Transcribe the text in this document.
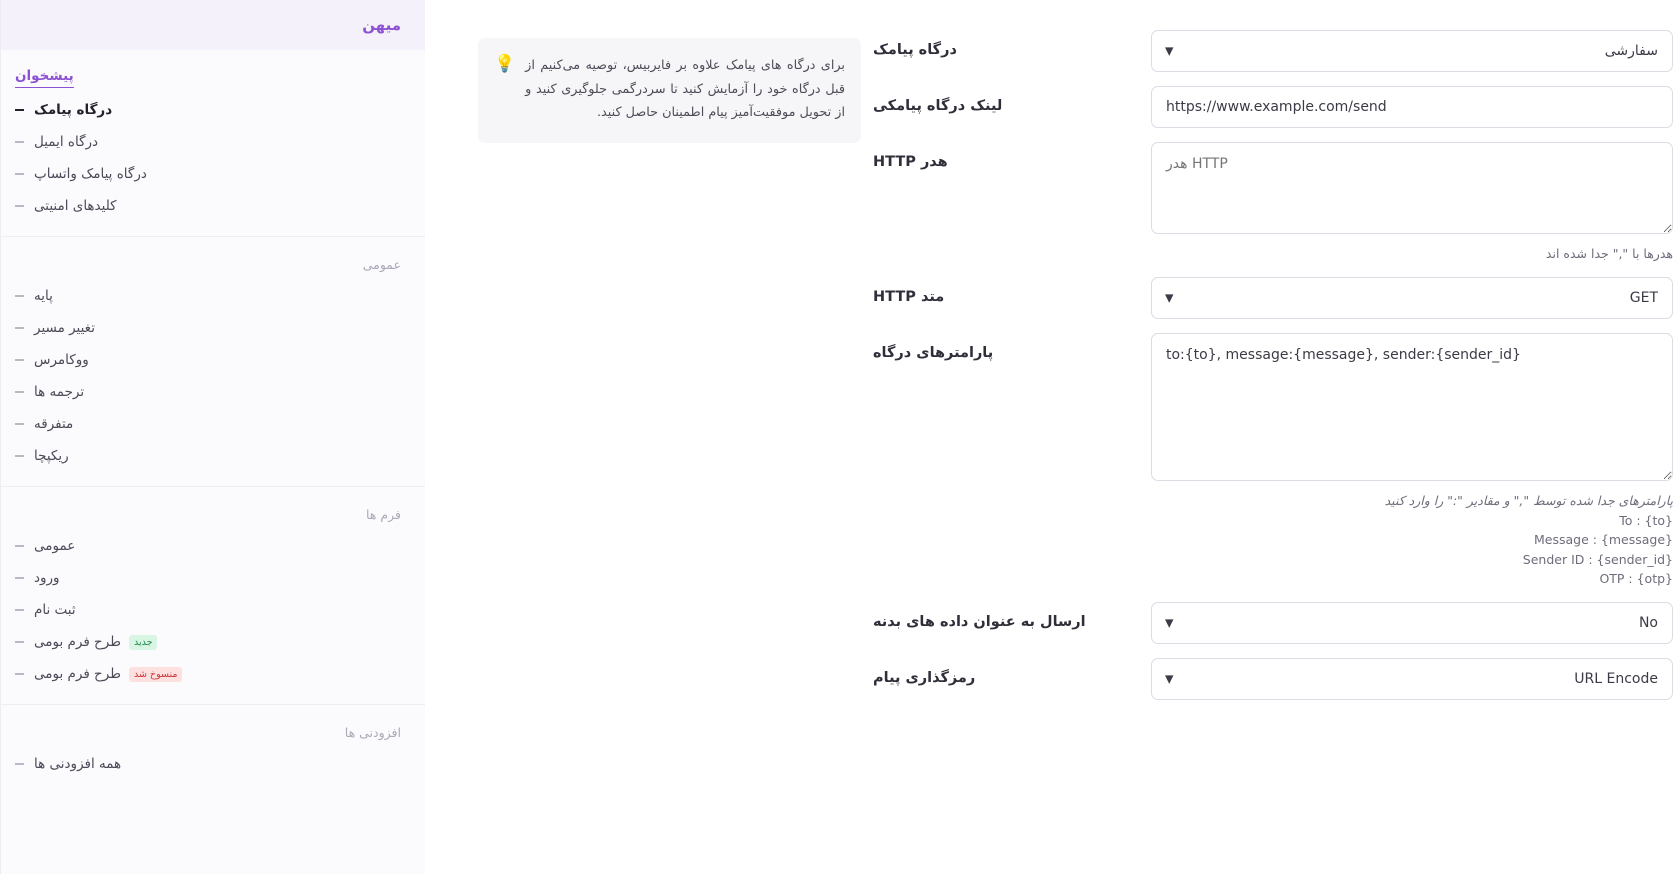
میهن
پیشخوان
درگاه پیامک
درگاه ایمیل
درگاه پیامک واتساپ
کلیدهای امنیتی
عمومی
پایه
تغییر مسیر
ووکامرس
ترجمه ها
متفرقه
ریکپچا
فرم ها
عمومی
ورود
ثبت نام
جدید
طرح فرم بومی
منسوخ شد
طرح فرم بومی
افزودنی ها
همه افزودنی ها
💡 برای درگاه های پیامک علاوه بر فایربیس، توصیه می‌کنیم از قبل درگاه خود را آزمایش کنید تا سردرگمی جلوگیری کنید و از تحویل موفقیت‌آمیز پیام اطمینان حاصل کنید.
سفارشی
▼
درگاه پیامک
https://www.example.com/send
لینک درگاه پیامکی
هدر HTTP
هدرها با "," جدا شده اند
هدر HTTP
GET
▼
متد HTTP
to:{to}, message:{message}, sender:{sender_id}
پارامترهای جدا شده توسط "," و مقادیر ":" را وارد کنید
To : {to}
Message : {message}
Sender ID : {sender_id}
OTP : {otp}
پارامترهای درگاه
No
▼
ارسال به عنوان داده های بدنه
URL Encode
▼
رمزگذاری پیام
